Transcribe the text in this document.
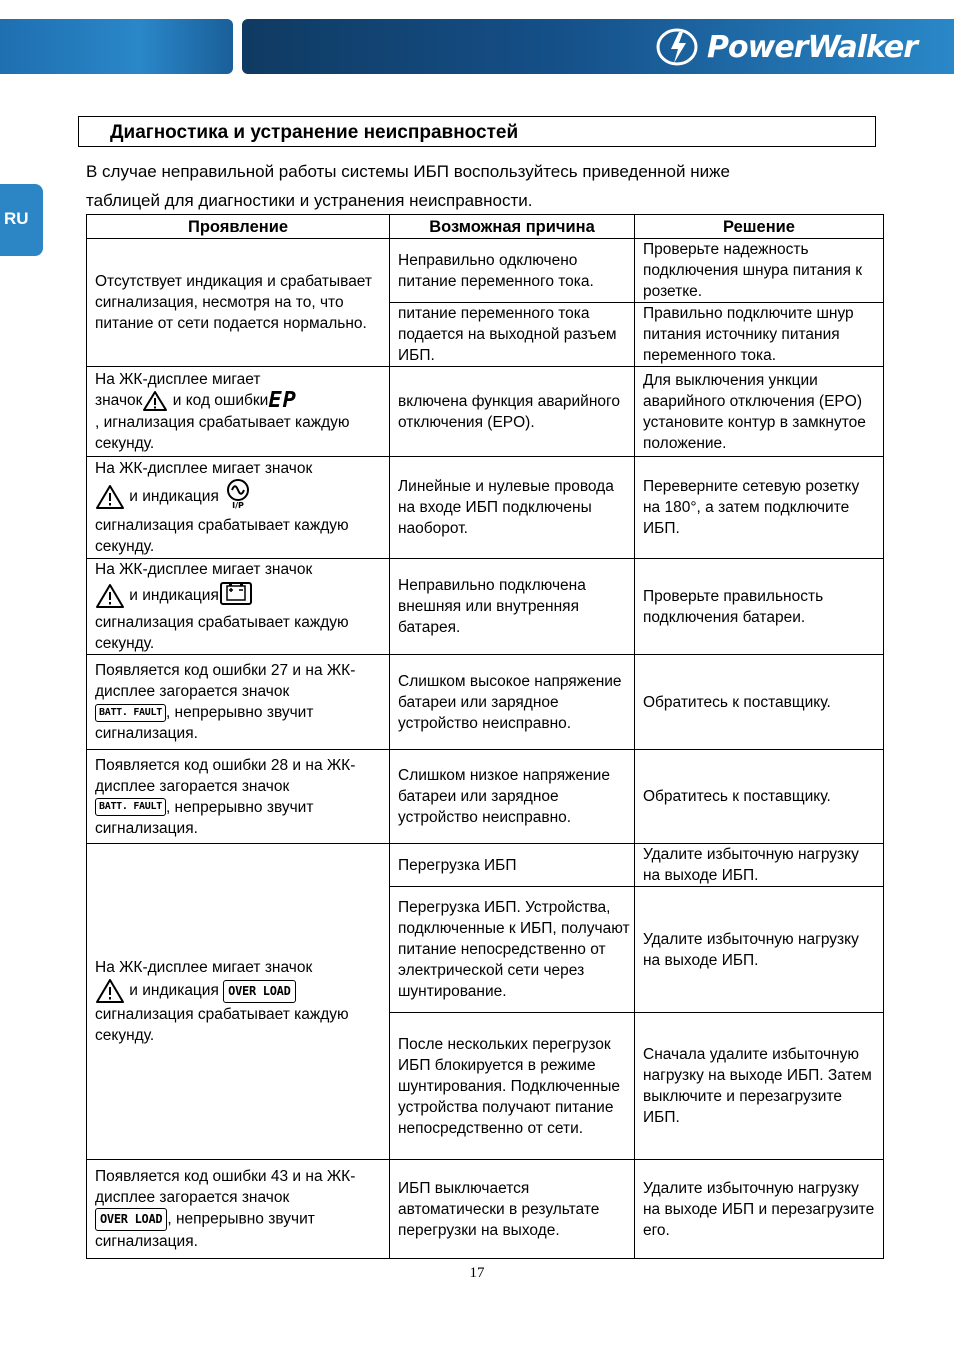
PowerWalker
RU
Диагностика и устранение неисправностей
В случае неправильной работы системы ИБП воспользуйтесь приведенной ниже
таблицей для диагностики и устранения неисправности.
Проявление	Возможная причина	Решение
Отсутствует индикация и срабатывает сигнализация, несмотря на то, что питание от сети подается нормально.	Неправильно одключено питание переменного тока.	Проверьте надежность подключения шнура питания к розетке.
	питание переменного тока подается на выходной разъем ИБП.	Правильно подключите шнур питания источнику питания переменного тока.

На ЖК-дисплее мигает
значок
и код ошибкиEP
, игнализация срабатывает каждую секунду.	включена функция аварийного отключения (EPO).	Для выключения ункции аварийного отключения (EPO) установите контур в замкнутое положение.

На ЖК-дисплее мигает значок
и индикация
I/P
сигнализация срабатывает каждую секунду.	Линейные и нулевые провода на входе ИБП подключены наоборот.	Переверните сетевую розетку на 180°, а затем подключите ИБП.

На ЖК-дисплее мигает значок
и индикация
сигнализация срабатывает каждую секунду.	Неправильно подключена внешняя или внутренняя батарея.	Проверьте правильность подключения батареи.

Появляется код ошибки 27 и на ЖК-дисплее загорается значок
BATT. FAULT , непрерывно звучит сигнализация.	Слишком высокое напряжение батареи или зарядное устройство неисправно.	Обратитесь к поставщику.

Появляется код ошибки 28 и на ЖК-дисплее загорается значок
BATT. FAULT , непрерывно звучит сигнализация.	Слишком низкое напряжение батареи или зарядное устройство неисправно.	Обратитесь к поставщику.

На ЖК-дисплее мигает значок
и индикация OVER LOAD
сигнализация срабатывает каждую секунду.	Перегрузка ИБП	Удалите избыточную нагрузку на выходе ИБП.
	Перегрузка ИБП. Устройства, подключенные к ИБП, получают питание непосредственно от электрической сети через шунтирование.	Удалите избыточную нагрузку на выходе ИБП.
	После нескольких перегрузок ИБП блокируется в режиме шунтирования. Подключенные устройства получают питание непосредственно от сети.	Сначала удалите избыточную нагрузку на выходе ИБП. Затем выключите и перезагрузите ИБП.

Появляется код ошибки 43 и на ЖК-дисплее загорается значок
OVER LOAD , непрерывно звучит сигнализация.	ИБП выключается автоматически в результате перегрузки на выходе.	Удалите избыточную нагрузку на выходе ИБП и перезагрузите его.
17
